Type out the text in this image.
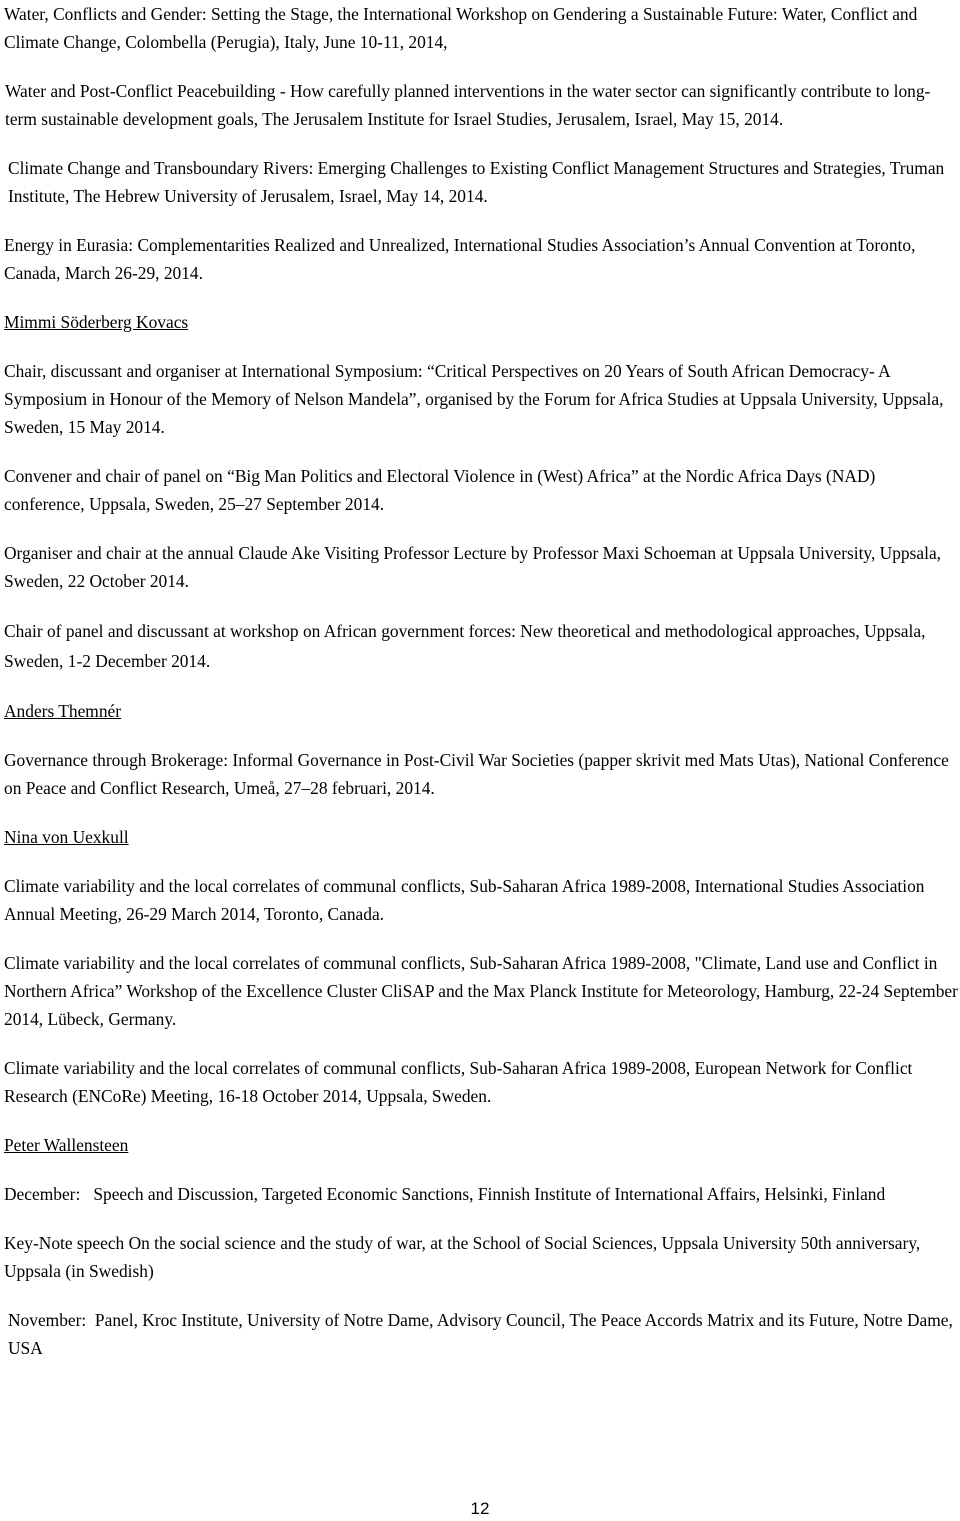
Water, Conflicts and Gender: Setting the Stage, the International Workshop on Gendering a Sustainable Future: Water, Conflict and Climate Change, Colombella (Perugia), Italy, June 10-11, 2014,

Water and Post-Conflict Peacebuilding - How carefully planned interventions in the water sector can significantly contribute to long-term sustainable development goals, The Jerusalem Institute for Israel Studies, Jerusalem, Israel, May 15, 2014.

Climate Change and Transboundary Rivers: Emerging Challenges to Existing Conflict Management Structures and Strategies, Truman Institute, The Hebrew University of Jerusalem, Israel, May 14, 2014.

Energy in Eurasia: Complementarities Realized and Unrealized, International Studies Association’s Annual Convention at Toronto, Canada, March 26-29, 2014.

Mimmi Söderberg Kovacs

Chair, discussant and organiser at International Symposium: “Critical Perspectives on 20 Years of South African Democracy- A Symposium in Honour of the Memory of Nelson Mandela”, organised by the Forum for Africa Studies at Uppsala University, Uppsala, Sweden, 15 May 2014.

Convener and chair of panel on “Big Man Politics and Electoral Violence in (West) Africa” at the Nordic Africa Days (NAD) conference, Uppsala, Sweden, 25–27 September 2014.

Organiser and chair at the annual Claude Ake Visiting Professor Lecture by Professor Maxi Schoeman at Uppsala University, Uppsala, Sweden, 22 October 2014.

Chair of panel and discussant at workshop on African government forces: New theoretical and methodological approaches, Uppsala, Sweden, 1-2 December 2014.

Anders Themnér

Governance through Brokerage: Informal Governance in Post-Civil War Societies (papper skrivit med Mats Utas), National Conference on Peace and Conflict Research, Umeå, 27–28 februari, 2014.

Nina von Uexkull

Climate variability and the local correlates of communal conflicts, Sub-Saharan Africa 1989-2008, International Studies Association Annual Meeting, 26-29 March 2014, Toronto, Canada.

Climate variability and the local correlates of communal conflicts, Sub-Saharan Africa 1989-2008, "Climate, Land use and Conflict in Northern Africa” Workshop of the Excellence Cluster CliSAP and the Max Planck Institute for Meteorology, Hamburg, 22-24 September 2014, Lübeck, Germany.

Climate variability and the local correlates of communal conflicts, Sub-Saharan Africa 1989-2008, European Network for Conflict Research (ENCoRe) Meeting, 16-18 October 2014, Uppsala, Sweden.

Peter Wallensteen

December:   Speech and Discussion, Targeted Economic Sanctions, Finnish Institute of International Affairs, Helsinki, Finland

Key-Note speech On the social science and the study of war, at the School of Social Sciences, Uppsala University 50th anniversary, Uppsala (in Swedish)

November:  Panel, Kroc Institute, University of Notre Dame, Advisory Council, The Peace Accords Matrix and its Future, Notre Dame, USA

12
